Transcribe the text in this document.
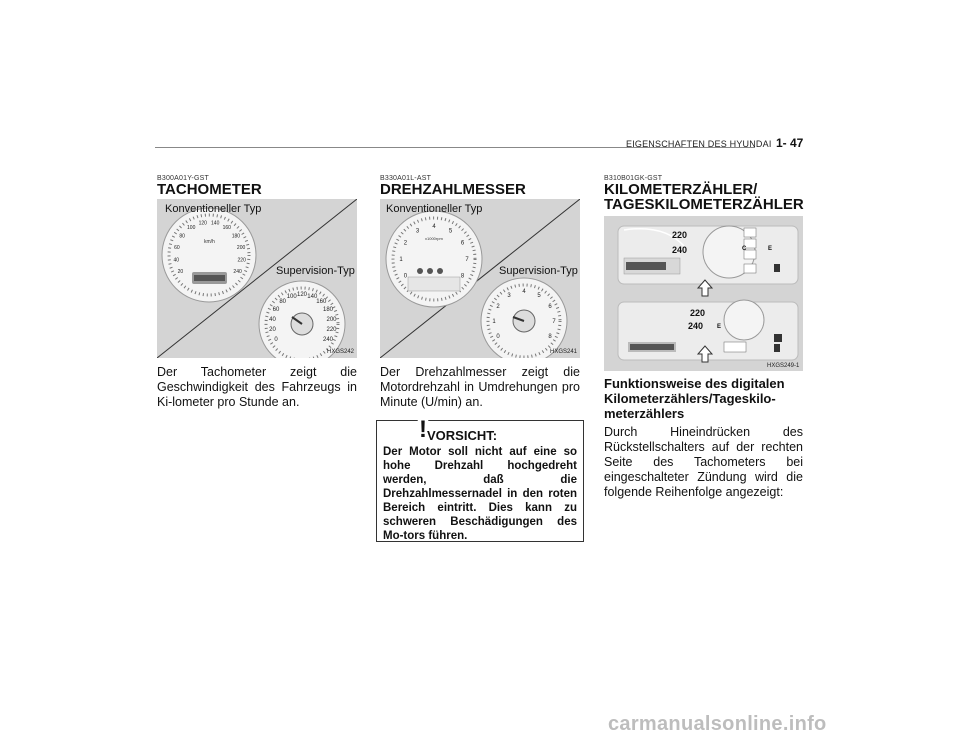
EIGENSCHAFTEN DES HYUNDAI 1- 47
B300A01Y-GST
TACHOMETER
20
40
60
80
100
120 140
160
180
200
220
240
km/h
0
20
40
60
80
100 120 140
160
180
200
220
240
Konventioneller Typ
Supervision-Typ
HXGS242
Der Tachometer zeigt die Geschwindigkeit des Fahrzeugs in Ki-lometer pro Stunde an.
B330A01L-AST
DREHZAHLMESSER
0
1
2
3
4
5
6
7
8
x1000rpm
0
1
2
3
4
5
6
7
8
Konventioneller Typ
Supervision-Typ
HXGS241
Der Drehzahlmesser zeigt die Motordrehzahl in Umdrehungen pro Minute (U/min) an.
! VORSICHT:
Der Motor soll nicht auf eine so hohe Drehzahl hochgedreht werden, daß die Drehzahlmessernadel in den roten Bereich eintritt. Dies kann zu schweren Beschädigungen des Mo-tors führen.
B310B01GK-GST
KILOMETERZÄHLER/
TAGESKILOMETERZÄHLER
220
240	C	E
220
240 E
HXGS249-1
Funktionsweise des digitalen Kilometerzählers/Tageskilo-meterzählers
Durch Hineindrücken des Rückstellschalters auf der rechten Seite des Tachometers bei eingeschalteter Zündung wird die folgende Reihenfolge angezeigt:
carmanualsonline.info
